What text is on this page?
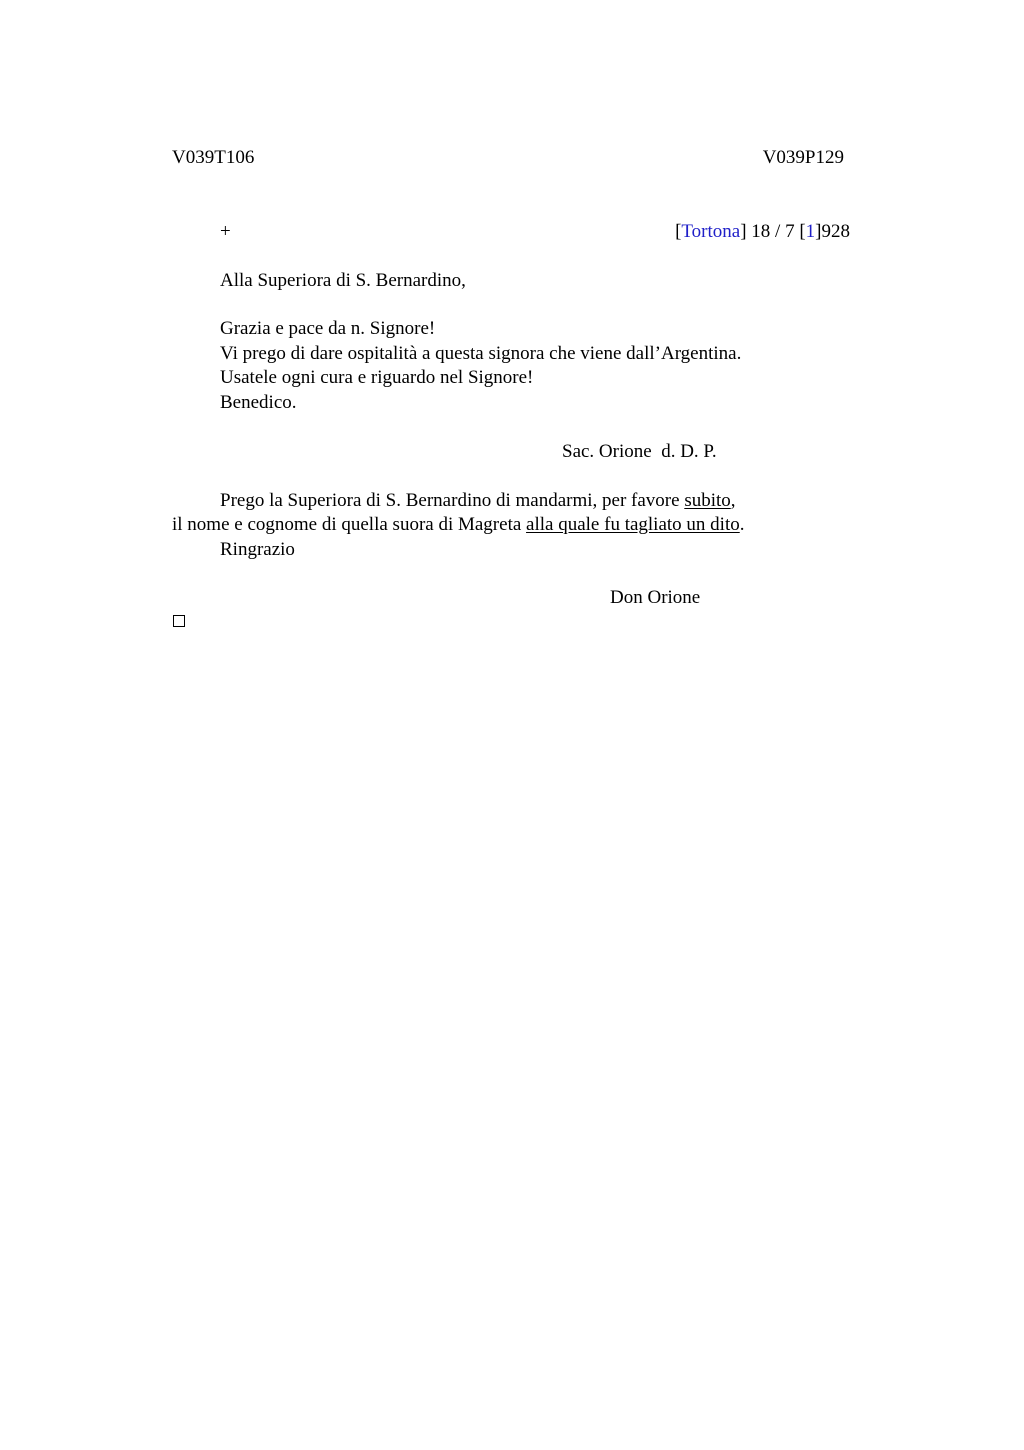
V039T106	V039P129
+	[Tortona] 18 / 7 [1]928
Alla Superiora di S. Bernardino,
Grazia e pace da n. Signore!
Vi prego di dare ospitalità a questa signora che viene dall’Argentina.
Usatele ogni cura e riguardo nel Signore!
Benedico.
Sac. Orione  d. D. P.
Prego la Superiora di S. Bernardino di mandarmi, per favore subito,
il nome e cognome di quella suora di Magreta alla quale fu tagliato un dito.
Ringrazio
Don Orione
